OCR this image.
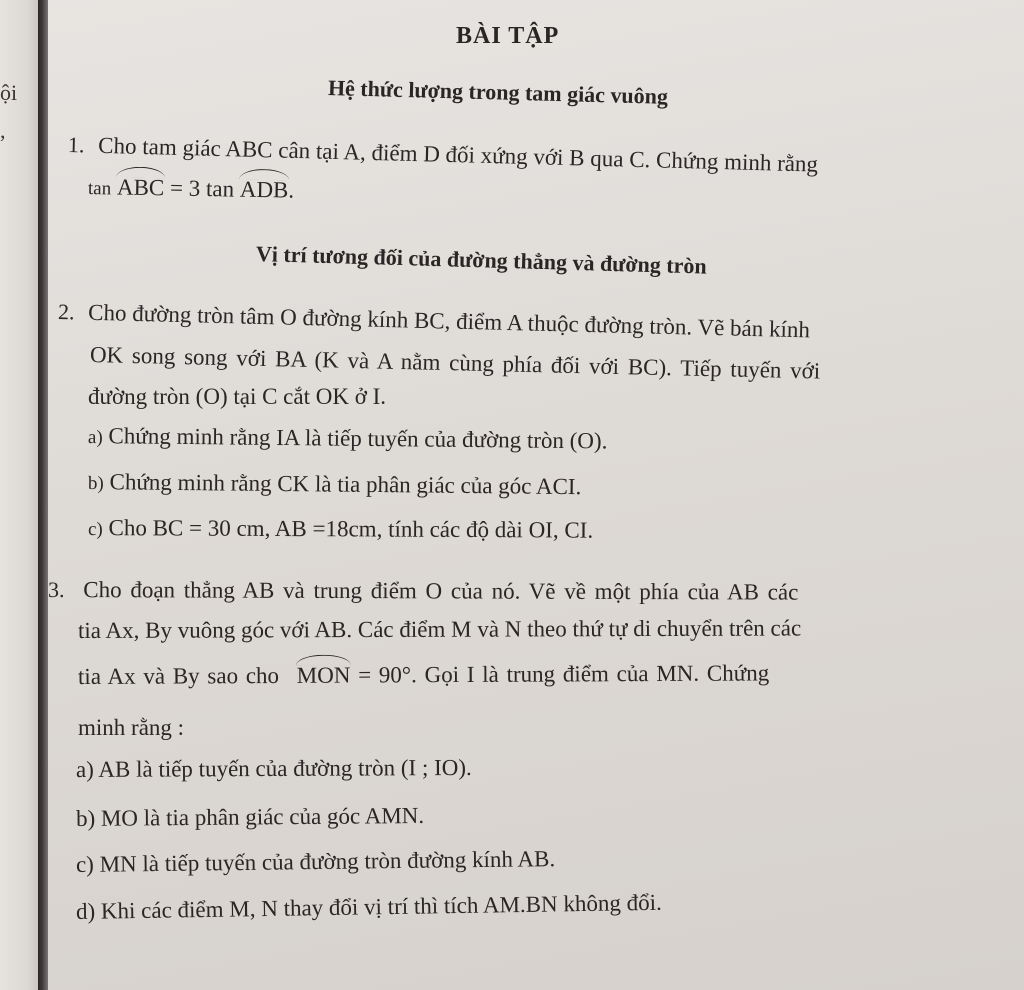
ội
,
BÀI TẬP
Hệ thức lượng trong tam giác vuông
1. Cho tam giác ABC cân tại A, điểm D đối xứng với B qua C. Chứng minh rằng
tan ABC = 3 tan ADB.
Vị trí tương đối của đường thẳng và đường tròn
2. Cho đường tròn tâm O đường kính BC, điểm A thuộc đường tròn. Vẽ bán kính
OK song song với BA (K và A nằm cùng phía đối với BC). Tiếp tuyến với
đường tròn (O) tại C cắt OK ở I.
a) Chứng minh rằng IA là tiếp tuyến của đường tròn (O).
b) Chứng minh rằng CK là tia phân giác của góc ACI.
c) Cho BC = 30 cm, AB =18cm, tính các độ dài OI, CI.
3. Cho đoạn thẳng AB và trung điểm O của nó. Vẽ về một phía của AB các
tia Ax, By vuông góc với AB. Các điểm M và N theo thứ tự di chuyển trên các
tia Ax và By sao cho MON = 90°. Gọi I là trung điểm của MN. Chứng
minh rằng :
a) AB là tiếp tuyến của đường tròn (I ; IO).
b) MO là tia phân giác của góc AMN.
c) MN là tiếp tuyến của đường tròn đường kính AB.
d) Khi các điểm M, N thay đổi vị trí thì tích AM.BN không đổi.
